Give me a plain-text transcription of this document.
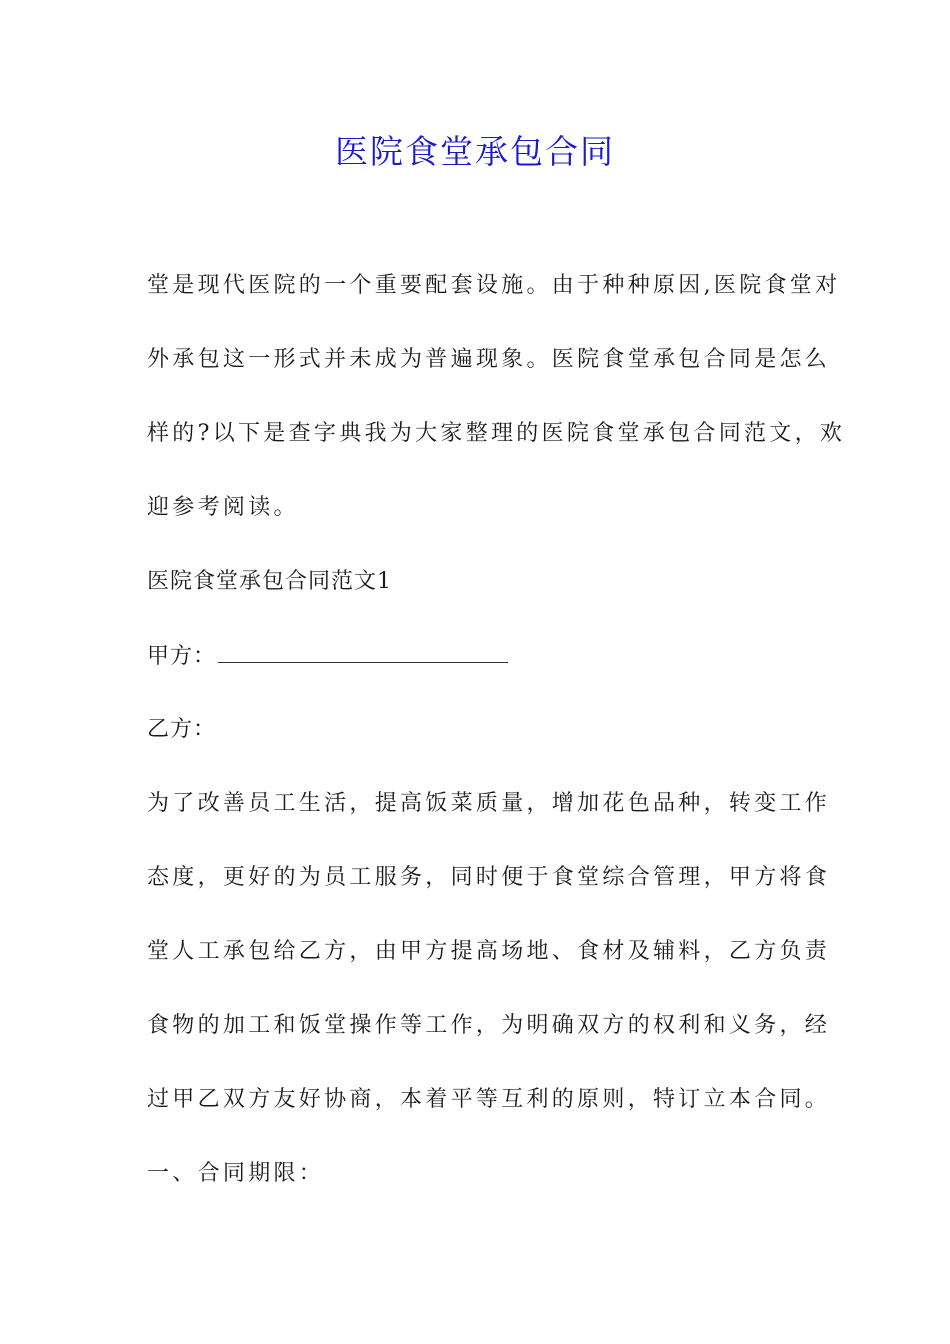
医院食堂承包合同
堂是现代医院的一个重要配套设施。由于种种原因,医院食堂对
外承包这一形式并未成为普遍现象。医院食堂承包合同是怎么
样的?以下是查字典我为大家整理的医院食堂承包合同范文，欢
迎参考阅读。
医院食堂承包合同范文1
甲方：
乙方：
为了改善员工生活，提高饭菜质量，增加花色品种，转变工作
态度，更好的为员工服务，同时便于食堂综合管理，甲方将食
堂人工承包给乙方，由甲方提高场地、食材及辅料，乙方负责
食物的加工和饭堂操作等工作，为明确双方的权利和义务，经
过甲乙双方友好协商，本着平等互利的原则，特订立本合同。
一、合同期限：
